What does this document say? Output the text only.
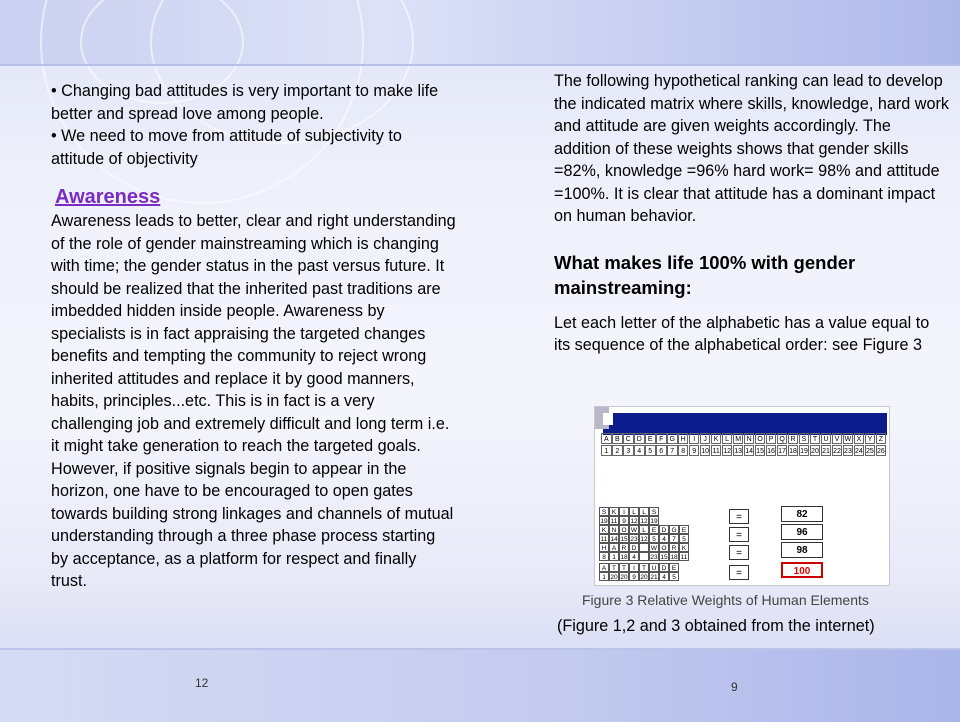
• Changing bad attitudes is very important to make life better and spread love among people.

• We need to move from attitude of subjectivity to attitude of objectivity

Awareness

Awareness leads to better, clear and right understanding of the role of gender mainstreaming which is changing with time; the gender status in the past versus future. It should be realized that the inherited past traditions are imbedded hidden inside people. Awareness by specialists is in fact appraising the targeted changes benefits and tempting the community to reject wrong inherited attitudes and replace it by good manners, habits, principles...etc. This is in fact is a very challenging job and extremely difficult and long term i.e. it might take generation to reach the targeted goals. However, if positive signals begin to appear in the horizon, one have to be encouraged to open gates towards building strong linkages and channels of mutual understanding through a three phase process starting by acceptance, as a platform for respect and finally trust.

The following hypothetical ranking can lead to develop the indicated matrix where skills, knowledge, hard work and attitude are given weights accordingly. The addition of these weights shows that gender skills =82%, knowledge =96% hard work= 98% and attitude =100%. It is clear that attitude has a dominant impact on human behavior.

What makes life 100% with gender mainstreaming:

Let each letter of the alphabetic has a value equal to its sequence of the alphabetical order: see Figure 3

A B C D E F G H	I	J K L M N O P Q R S T U V W X Y Z
1	2	3	4	5	6	7	8	9 10 11 12 13 14 15 16 17 18 19 20 21 22 23 24 25 26
S K	I	L L S
19 11 9 12 12 19	=	82
K N O W L E D G E
11 14 15 23 12 5 4 7 5	=	96
H A R D	W O R K
8 1 18 4	23 15 18 11	=	98
A T T	I	T U D E
1 20 20 9 20 21 4 5	=	100
Figure 3 Relative Weights of Human Elements
(Figure 1,2 and 3 obtained from the internet)
12	9
